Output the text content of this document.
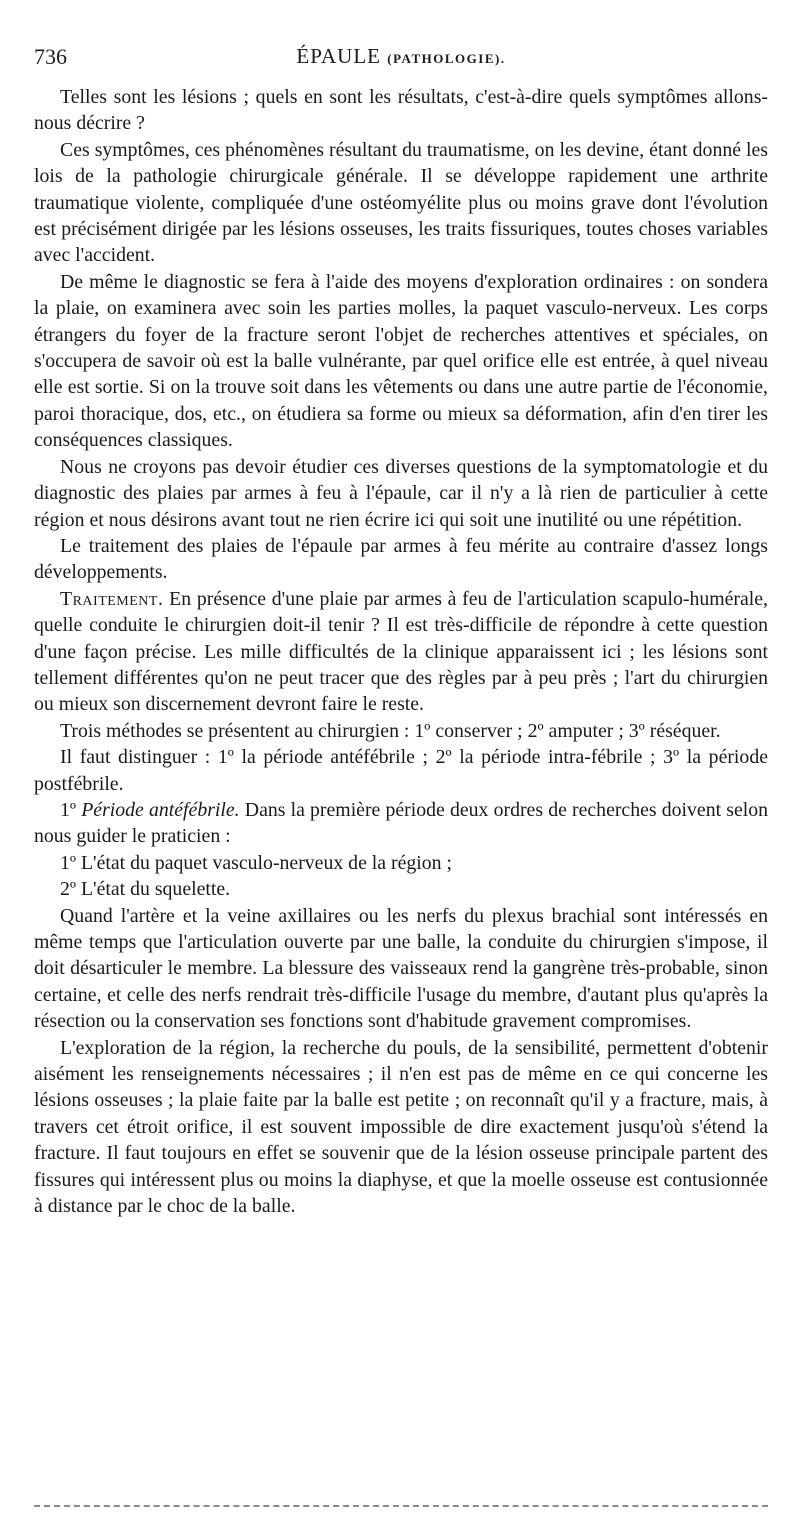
736	ÉPAULE (PATHOLOGIE).

Telles sont les lésions ; quels en sont les résultats, c'est-à-dire quels symptômes allons-nous décrire ?

Ces symptômes, ces phénomènes résultant du traumatisme, on les devine, étant donné les lois de la pathologie chirurgicale générale. Il se développe rapidement une arthrite traumatique violente, compliquée d'une ostéomyélite plus ou moins grave dont l'évolution est précisément dirigée par les lésions osseuses, les traits fissuriques, toutes choses variables avec l'accident.

De même le diagnostic se fera à l'aide des moyens d'exploration ordinaires : on sondera la plaie, on examinera avec soin les parties molles, la paquet vasculo-nerveux. Les corps étrangers du foyer de la fracture seront l'objet de recherches attentives et spéciales, on s'occupera de savoir où est la balle vulnérante, par quel orifice elle est entrée, à quel niveau elle est sortie. Si on la trouve soit dans les vêtements ou dans une autre partie de l'économie, paroi thoracique, dos, etc., on étudiera sa forme ou mieux sa déformation, afin d'en tirer les conséquences classiques.

Nous ne croyons pas devoir étudier ces diverses questions de la symptomatologie et du diagnostic des plaies par armes à feu à l'épaule, car il n'y a là rien de particulier à cette région et nous désirons avant tout ne rien écrire ici qui soit une inutilité ou une répétition.

Le traitement des plaies de l'épaule par armes à feu mérite au contraire d'assez longs développements.

Traitement. En présence d'une plaie par armes à feu de l'articulation scapulo-humérale, quelle conduite le chirurgien doit-il tenir ? Il est très-difficile de répondre à cette question d'une façon précise. Les mille difficultés de la clinique apparaissent ici ; les lésions sont tellement différentes qu'on ne peut tracer que des règles par à peu près ; l'art du chirurgien ou mieux son discernement devront faire le reste.

Trois méthodes se présentent au chirurgien : 1º conserver ; 2º amputer ; 3º réséquer.

Il faut distinguer : 1º la période antéfébrile ; 2º la période intra-fébrile ; 3º la période postfébrile.

1º Période antéfébrile. Dans la première période deux ordres de recherches doivent selon nous guider le praticien :

1º L'état du paquet vasculo-nerveux de la région ;

2º L'état du squelette.

Quand l'artère et la veine axillaires ou les nerfs du plexus brachial sont intéressés en même temps que l'articulation ouverte par une balle, la conduite du chirurgien s'impose, il doit désarticuler le membre. La blessure des vaisseaux rend la gangrène très-probable, sinon certaine, et celle des nerfs rendrait très-difficile l'usage du membre, d'autant plus qu'après la résection ou la conservation ses fonctions sont d'habitude gravement compromises.

L'exploration de la région, la recherche du pouls, de la sensibilité, permettent d'obtenir aisément les renseignements nécessaires ; il n'en est pas de même en ce qui concerne les lésions osseuses ; la plaie faite par la balle est petite ; on reconnaît qu'il y a fracture, mais, à travers cet étroit orifice, il est souvent impossible de dire exactement jusqu'où s'étend la fracture. Il faut toujours en effet se souvenir que de la lésion osseuse principale partent des fissures qui intéressent plus ou moins la diaphyse, et que la moelle osseuse est contusionnée à distance par le choc de la balle.
